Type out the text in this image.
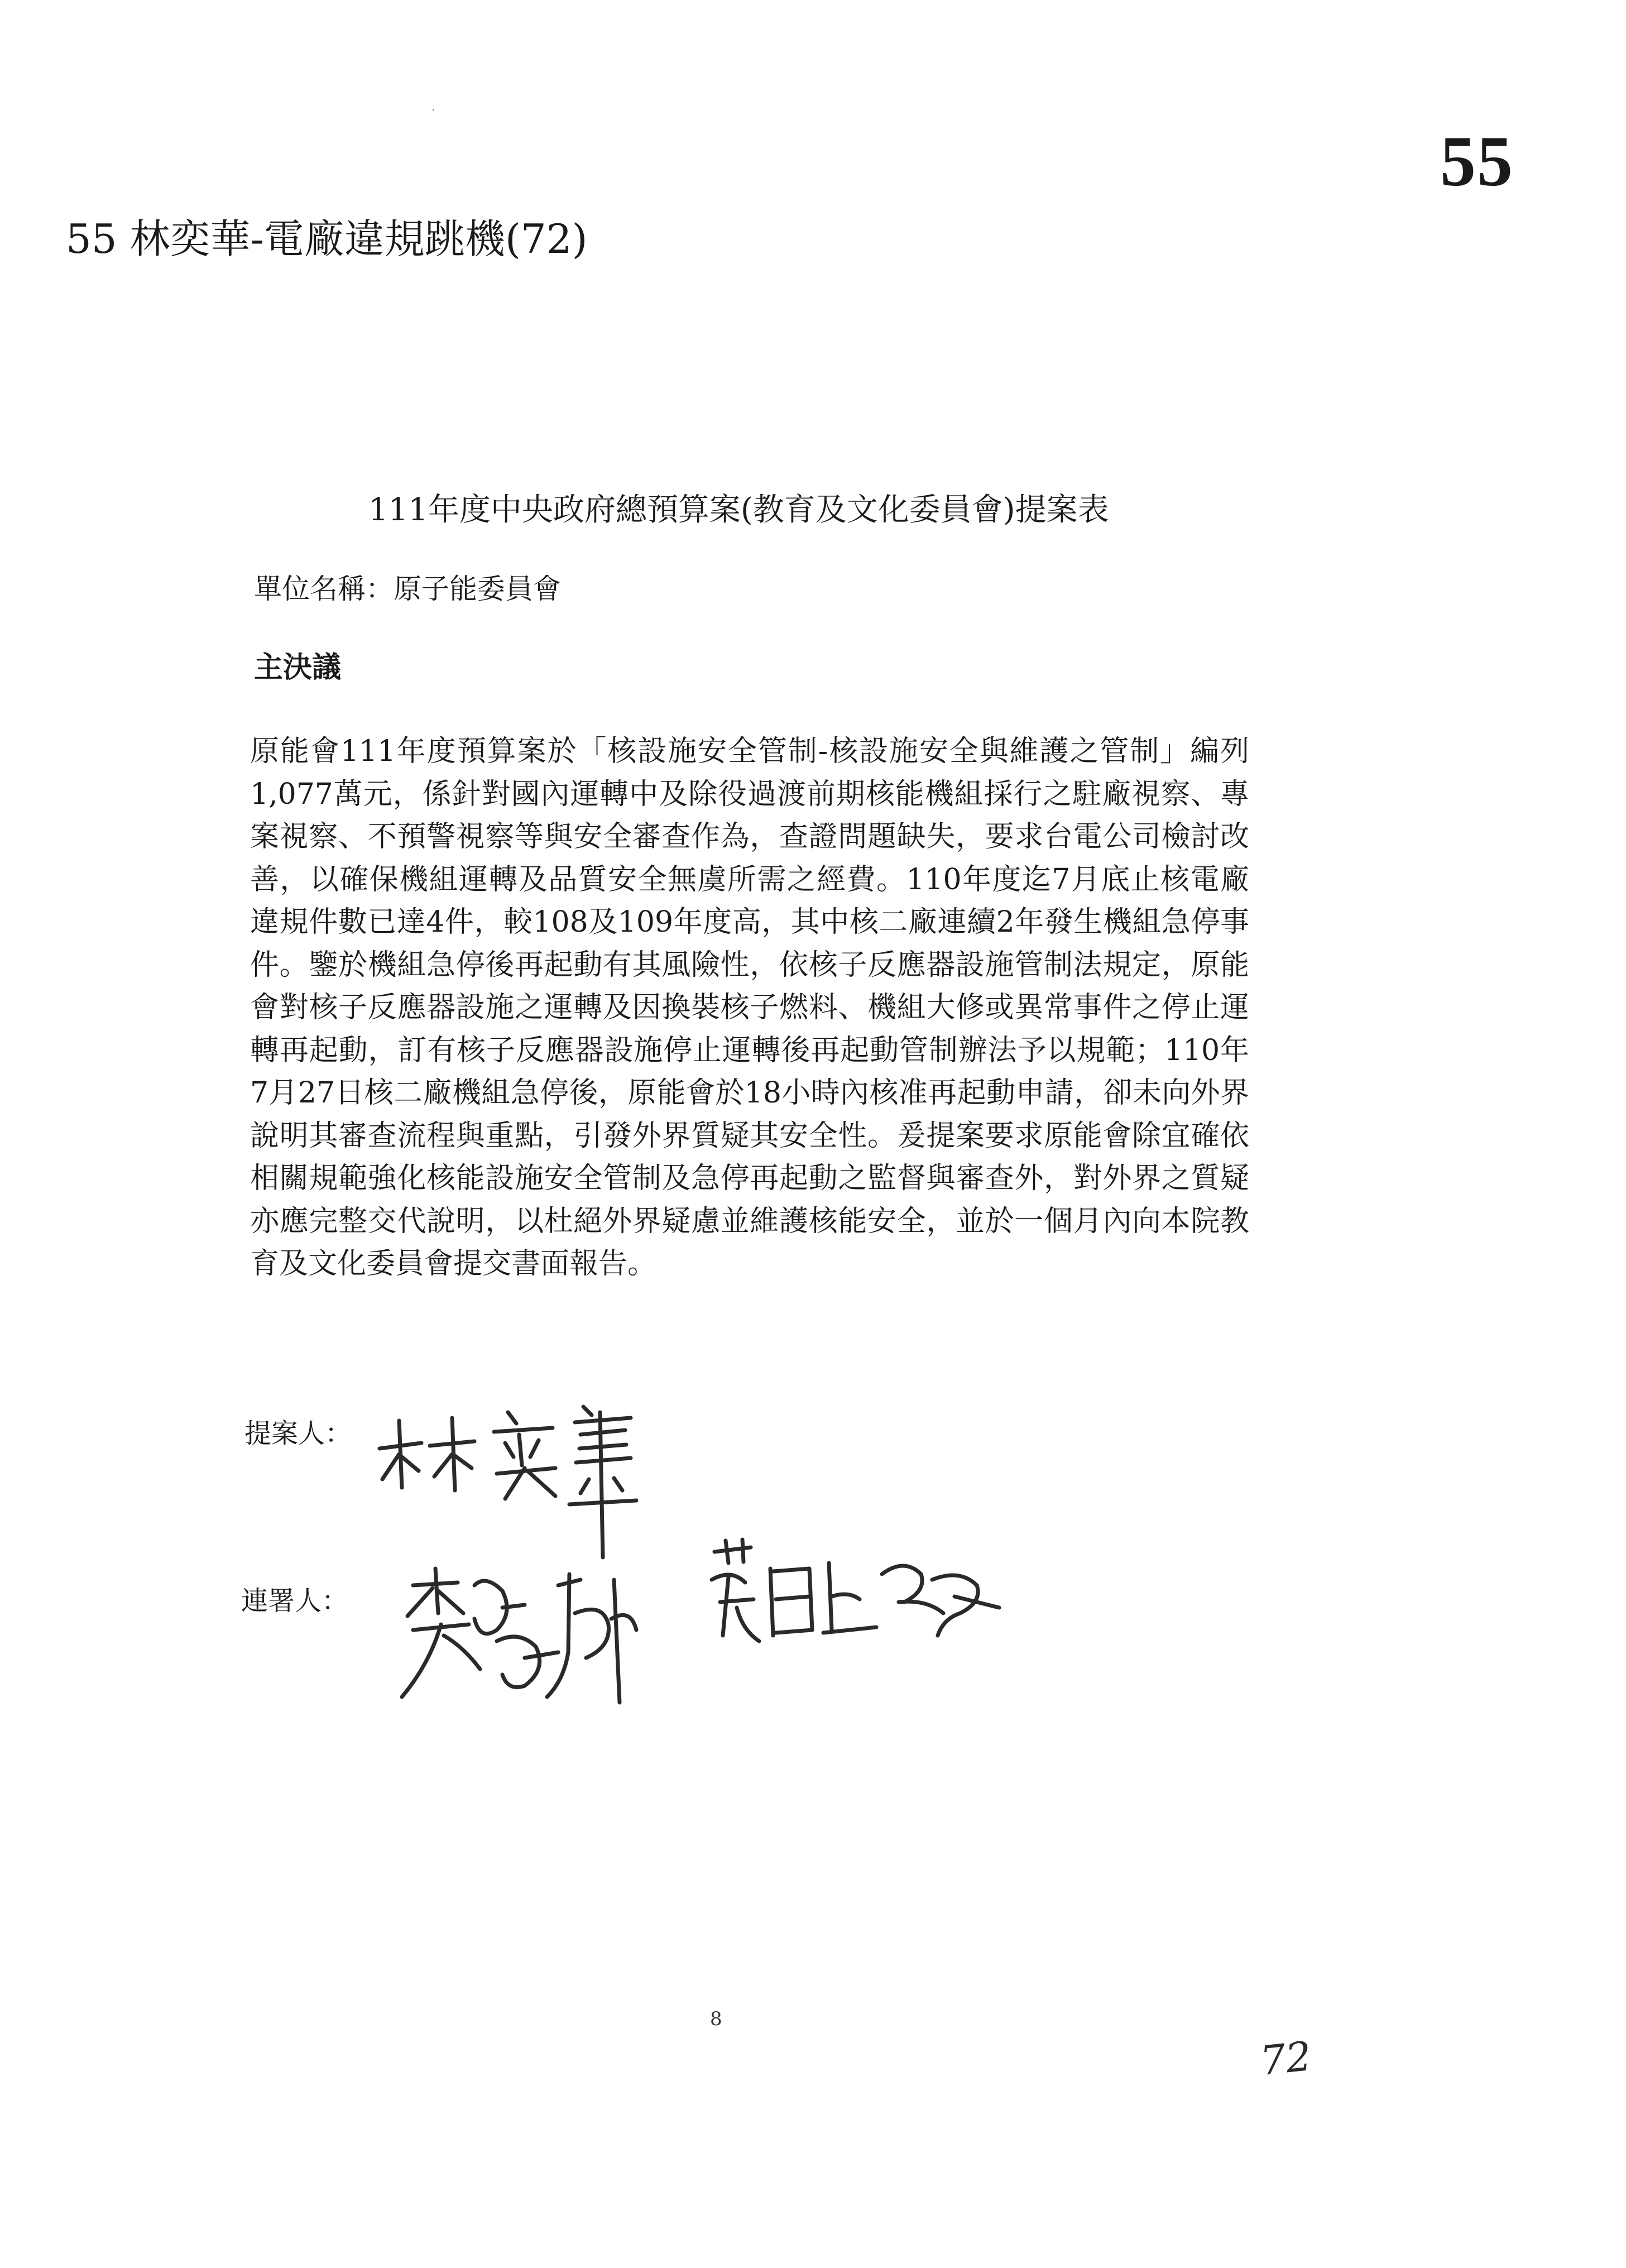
55
55 林奕華-電廠違規跳機(72)
111年度中央政府總預算案(教育及文化委員會)提案表
單位名稱：原子能委員會
主決議

原能會111年度預算案於「核設施安全管制-核設施安全與維護之管制」編列1,077萬元，係針對國內運轉中及除役過渡前期核能機組採行之駐廠視察、專案視察、不預警視察等與安全審查作為，查證問題缺失，要求台電公司檢討改善，以確保機組運轉及品質安全無虞所需之經費。110年度迄7月底止核電廠違規件數已達4件，較108及109年度高，其中核二廠連續2年發生機組急停事件。鑒於機組急停後再起動有其風險性，依核子反應器設施管制法規定，原能會對核子反應器設施之運轉及因換裝核子燃料、機組大修或異常事件之停止運轉再起動，訂有核子反應器設施停止運轉後再起動管制辦法予以規範；110年7月27日核二廠機組急停後，原能會於18小時內核准再起動申請，卻未向外界說明其審查流程與重點，引發外界質疑其安全性。爰提案要求原能會除宜確依相關規範強化核能設施安全管制及急停再起動之監督與審查外，對外界之質疑亦應完整交代說明，以杜絕外界疑慮並維護核能安全，並於一個月內向本院教育及文化委員會提交書面報告。

提案人：
連署人：
8
72
